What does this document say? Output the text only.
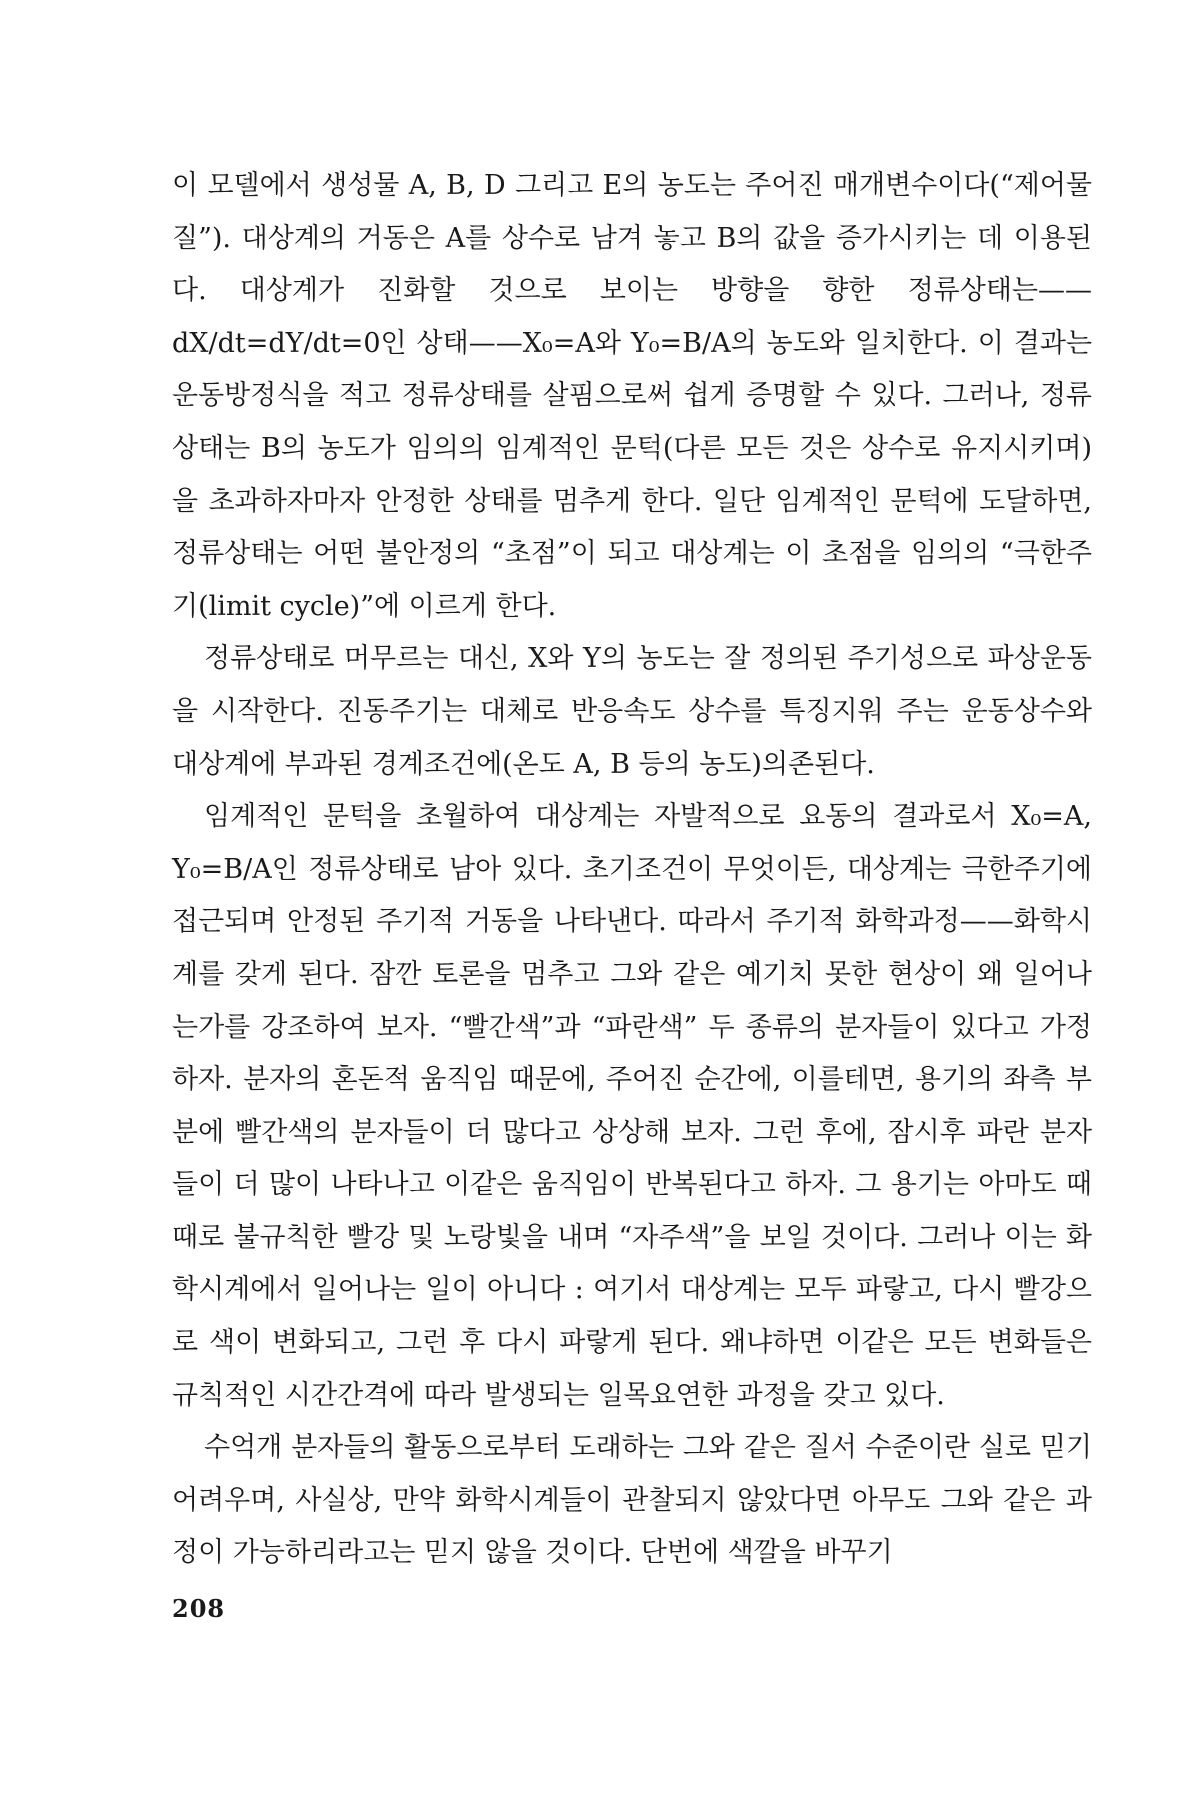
이 모델에서 생성물 A, B, D 그리고 E의 농도는 주어진 매개변수이다(“제어물질”). 대상계의 거동은 A를 상수로 남겨 놓고 B의 값을 증가시키는 데 이용된다. 대상계가 진화할 것으로 보이는 방향을 향한 정류상태는——dX/dt=dY/dt=0인 상태——X₀=A와 Y₀=B/A의 농도와 일치한다. 이 결과는 운동방정식을 적고 정류상태를 살핌으로써 쉽게 증명할 수 있다. 그러나, 정류상태는 B의 농도가 임의의 임계적인 문턱(다른 모든 것은 상수로 유지시키며)을 초과하자마자 안정한 상태를 멈추게 한다. 일단 임계적인 문턱에 도달하면, 정류상태는 어떤 불안정의 “초점”이 되고 대상계는 이 초점을 임의의 “극한주기(limit cycle)”에 이르게 한다.

정류상태로 머무르는 대신, X와 Y의 농도는 잘 정의된 주기성으로 파상운동을 시작한다. 진동주기는 대체로 반응속도 상수를 특징지워 주는 운동상수와 대상계에 부과된 경계조건에(온도 A, B 등의 농도)의존된다.

임계적인 문턱을 초월하여 대상계는 자발적으로 요동의 결과로서 X₀=A, Y₀=B/A인 정류상태로 남아 있다. 초기조건이 무엇이든, 대상계는 극한주기에 접근되며 안정된 주기적 거동을 나타낸다. 따라서 주기적 화학과정——화학시계를 갖게 된다. 잠깐 토론을 멈추고 그와 같은 예기치 못한 현상이 왜 일어나는가를 강조하여 보자. “빨간색”과 “파란색” 두 종류의 분자들이 있다고 가정하자. 분자의 혼돈적 움직임 때문에, 주어진 순간에, 이를테면, 용기의 좌측 부분에 빨간색의 분자들이 더 많다고 상상해 보자. 그런 후에, 잠시후 파란 분자들이 더 많이 나타나고 이같은 움직임이 반복된다고 하자. 그 용기는 아마도 때때로 불규칙한 빨강 및 노랑빛을 내며 “자주색”을 보일 것이다. 그러나 이는 화학시계에서 일어나는 일이 아니다 : 여기서 대상계는 모두 파랗고, 다시 빨강으로 색이 변화되고, 그런 후 다시 파랗게 된다. 왜냐하면 이같은 모든 변화들은 규칙적인 시간간격에 따라 발생되는 일목요연한 과정을 갖고 있다.

수억개 분자들의 활동으로부터 도래하는 그와 같은 질서 수준이란 실로 믿기 어려우며, 사실상, 만약 화학시계들이 관찰되지 않았다면 아무도 그와 같은 과정이 가능하리라고는 믿지 않을 것이다. 단번에 색깔을 바꾸기

208
